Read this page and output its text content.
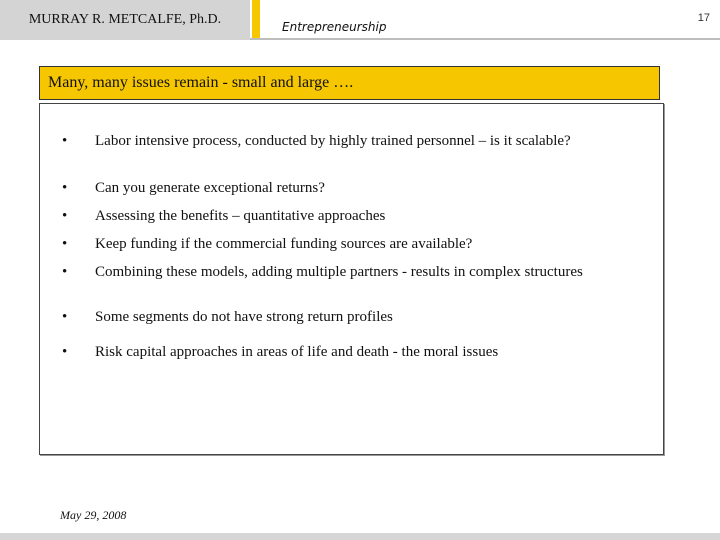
MURRAY R. METCALFE, Ph.D.	Entrepreneurship
17
Many, many issues remain - small and large ….
• Labor intensive process, conducted by highly trained personnel – is it scalable?
• Can you generate exceptional returns?
• Assessing the benefits – quantitative approaches
• Keep funding if the commercial funding sources are available?
• Combining these models, adding multiple partners - results in complex structures
• Some segments do not have strong return profiles
• Risk capital approaches in areas of life and death - the moral issues
May 29, 2008
